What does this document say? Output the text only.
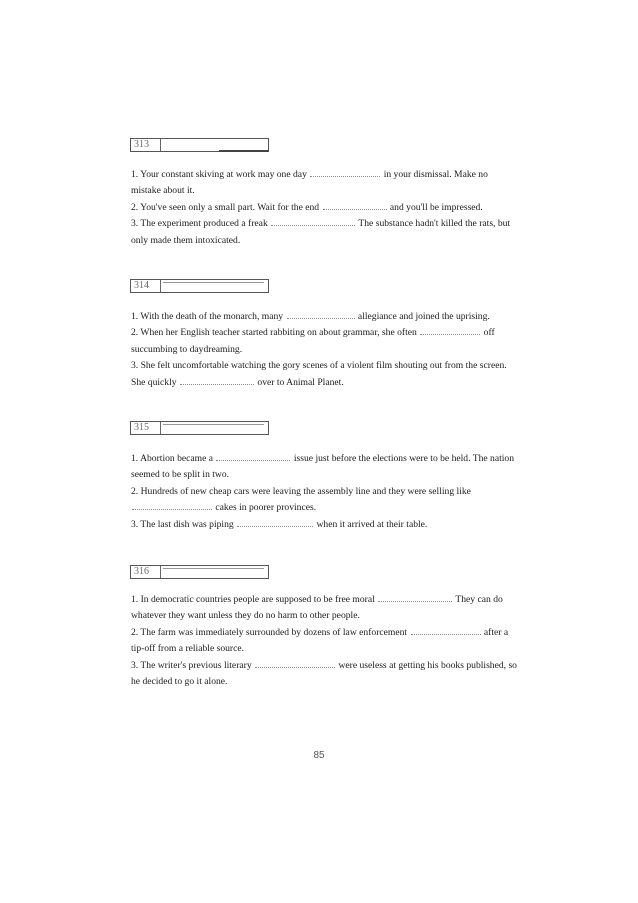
313

1. Your constant skiving at work may one day	in your dismissal. Make no mistake about it.

2. You've seen only a small part. Wait for the end	and you'll be impressed.

3. The experiment produced a freak	The substance hadn't killed the rats, but only made them intoxicated.

314

1. With the death of the monarch, many	allegiance and joined the uprising.

2. When her English teacher started rabbiting on about grammar, she often	off succumbing to daydreaming.

3. She felt uncomfortable watching the gory scenes of a violent film shouting out from the screen. She quickly	over to Animal Planet.

315

1. Abortion became a	issue just before the elections were to be held. The nation seemed to be split in two.

2. Hundreds of new cheap cars were leaving the assembly line and they were selling like  cakes in poorer provinces.

3. The last dish was piping	when it arrived at their table.

316

1. In democratic countries people are supposed to be free moral	They can do whatever they want unless they do no harm to other people.

2. The farm was immediately surrounded by dozens of law enforcement	after a tip-off from a reliable source.

3. The writer's previous literary	were useless at getting his books published, so he decided to go it alone.

85
